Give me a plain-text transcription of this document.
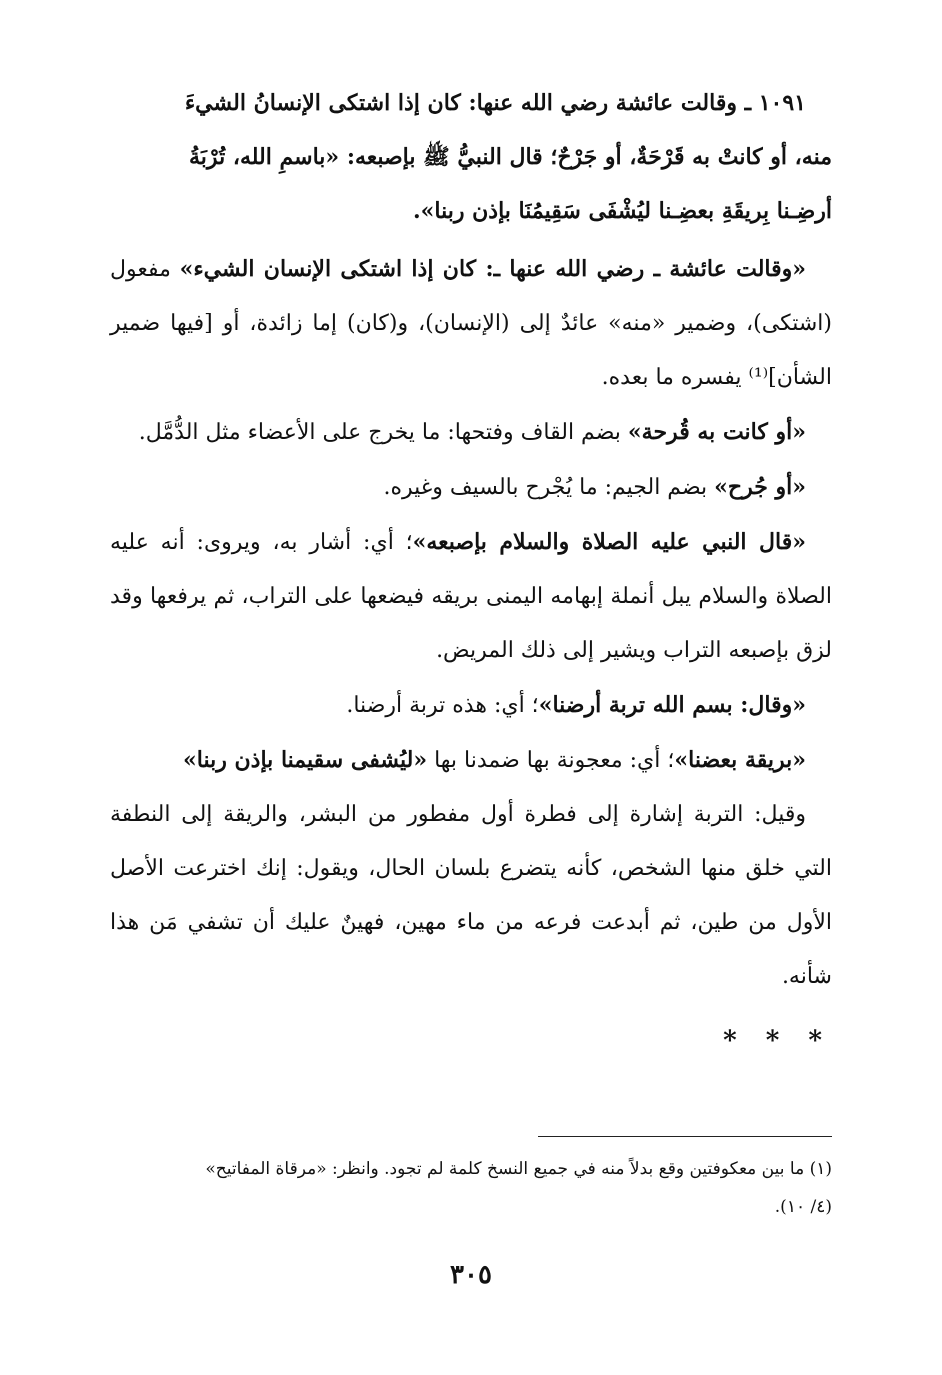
١٠٩١ ـ وقالت عائشة رضي الله عنها: كان إذا اشتكى الإنسانُ الشيءَ

منه، أو كانتْ به قَرْحَةٌ، أو جَرْحٌ؛ قال النبيُّ ﷺ بإصبعه: «باسمِ الله، تُرْبَةُ

أرضِـنا بِريقَةِ بعضِـنا ليُشْفَى سَقِيمُنَا بإذن ربنا».

«وقالت عائشة ـ رضي الله عنها ـ: كان إذا اشتكى الإنسان الشيء» مفعول (اشتكى)، وضمير «منه» عائدٌ إلى (الإنسان)، و(كان) إما زائدة، أو [فيها ضمير الشأن]⁽¹⁾ يفسره ما بعده.

«أو كانت به قُرحة» بضم القاف وفتحها: ما يخرج على الأعضاء مثل الدُّمَّل.

«أو جُرح» بضم الجيم: ما يُجْرح بالسيف وغيره.

«قال النبي عليه الصلاة والسلام بإصبعه»؛ أي: أشار به، ويروى: أنه عليه الصلاة والسلام يبل أنملة إبهامه اليمنى بريقه فيضعها على التراب، ثم يرفعها وقد لزق بإصبعه التراب ويشير إلى ذلك المريض.

«وقال: بسم الله تربة أرضنا»؛ أي: هذه تربة أرضنا.

«بريقة بعضنا»؛ أي: معجونة بها ضمدنا بها «ليُشفى سقيمنا بإذن ربنا»

وقيل: التربة إشارة إلى فطرة أول مفطور من البشر، والريقة إلى النطفة التي خلق منها الشخص، كأنه يتضرع بلسان الحال، ويقول: إنك اخترعت الأصل الأول من طين، ثم أبدعت فرعه من ماء مهين، فهينٌ عليك أن تشفي مَن هذا شأنه.

* * *
(١) ما بين معكوفتين وقع بدلاً منه في جميع النسخ كلمة لم تجود. وانظر: «مرقاة المفاتيح»
(٤/ ١٠).
٣٠٥
